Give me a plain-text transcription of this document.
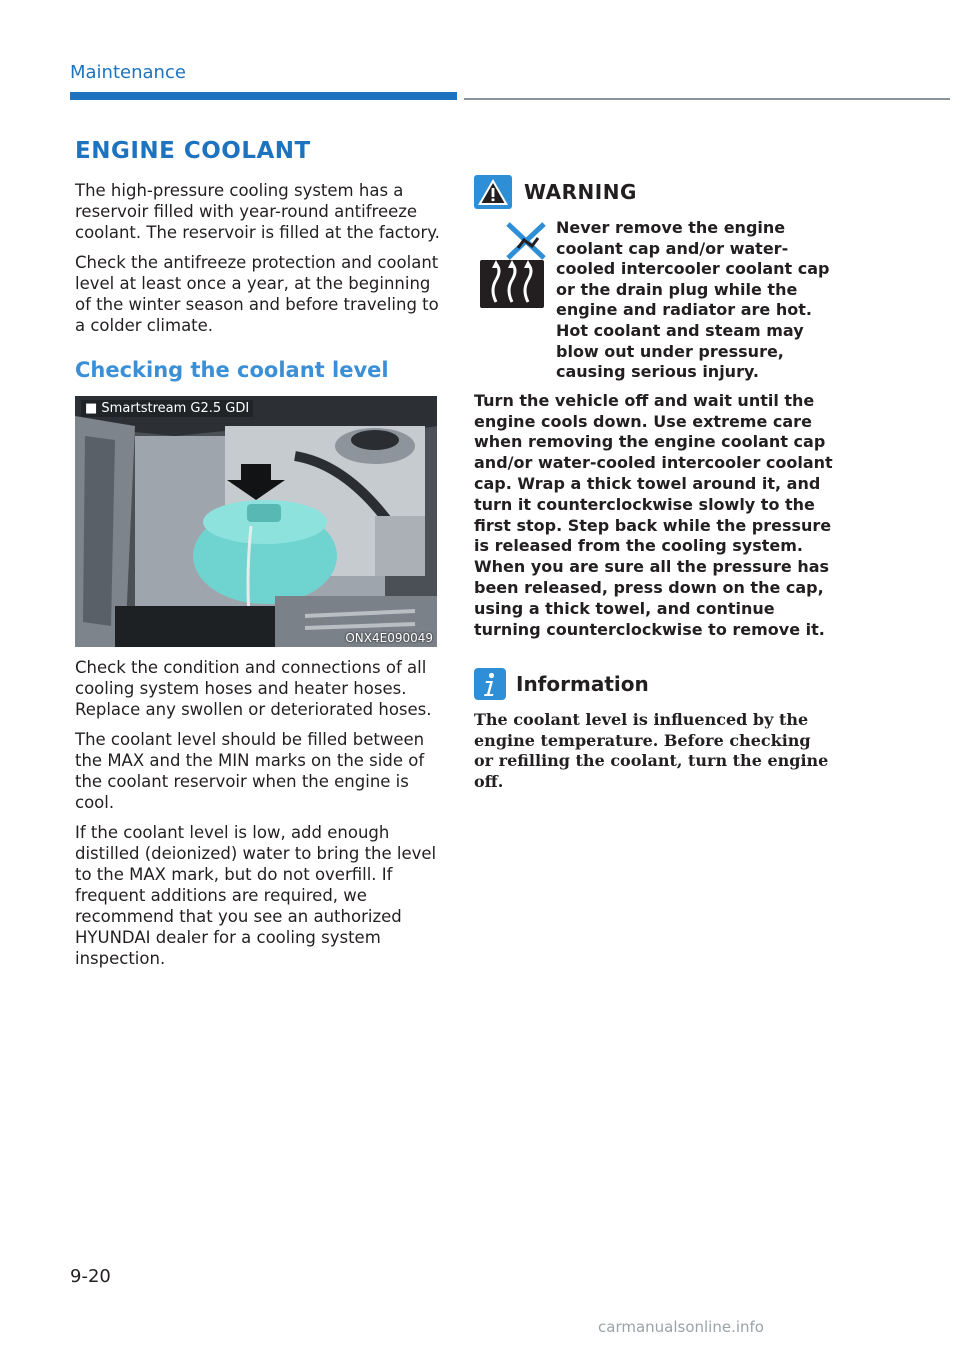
Maintenance
ENGINE COOLANT

The high-pressure cooling system has a reservoir filled with year-round antifreeze coolant. The reservoir is filled at the factory.

Check the antifreeze protection and coolant level at least once a year, at the beginning of the winter season and before traveling to a colder climate.

Checking the coolant level
■ Smartstream G2.5 GDI
ONX4E090049

Check the condition and connections of all cooling system hoses and heater hoses. Replace any swollen or deteriorated hoses.

The coolant level should be filled between the MAX and the MIN marks on the side of the coolant reservoir when the engine is cool.

If the coolant level is low, add enough distilled (deionized) water to bring the level to the MAX mark, but do not overfill. If frequent additions are required, we recommend that you see an authorized HYUNDAI dealer for a cooling system inspection.

WARNING
Never remove the engine coolant cap and/or water-cooled intercooler coolant cap or the drain plug while the engine and radiator are hot. Hot coolant and steam may blow out under pressure, causing serious injury.

Turn the vehicle off and wait until the engine cools down. Use extreme care when removing the engine coolant cap and/or water-cooled intercooler coolant cap. Wrap a thick towel around it, and turn it counterclockwise slowly to the first stop. Step back while the pressure is released from the cooling system. When you are sure all the pressure has been released, press down on the cap, using a thick towel, and continue turning counterclockwise to remove it.

Information

The coolant level is influenced by the engine temperature. Before checking or refilling the coolant, turn the engine off.

9-20
carmanualsonline.info
